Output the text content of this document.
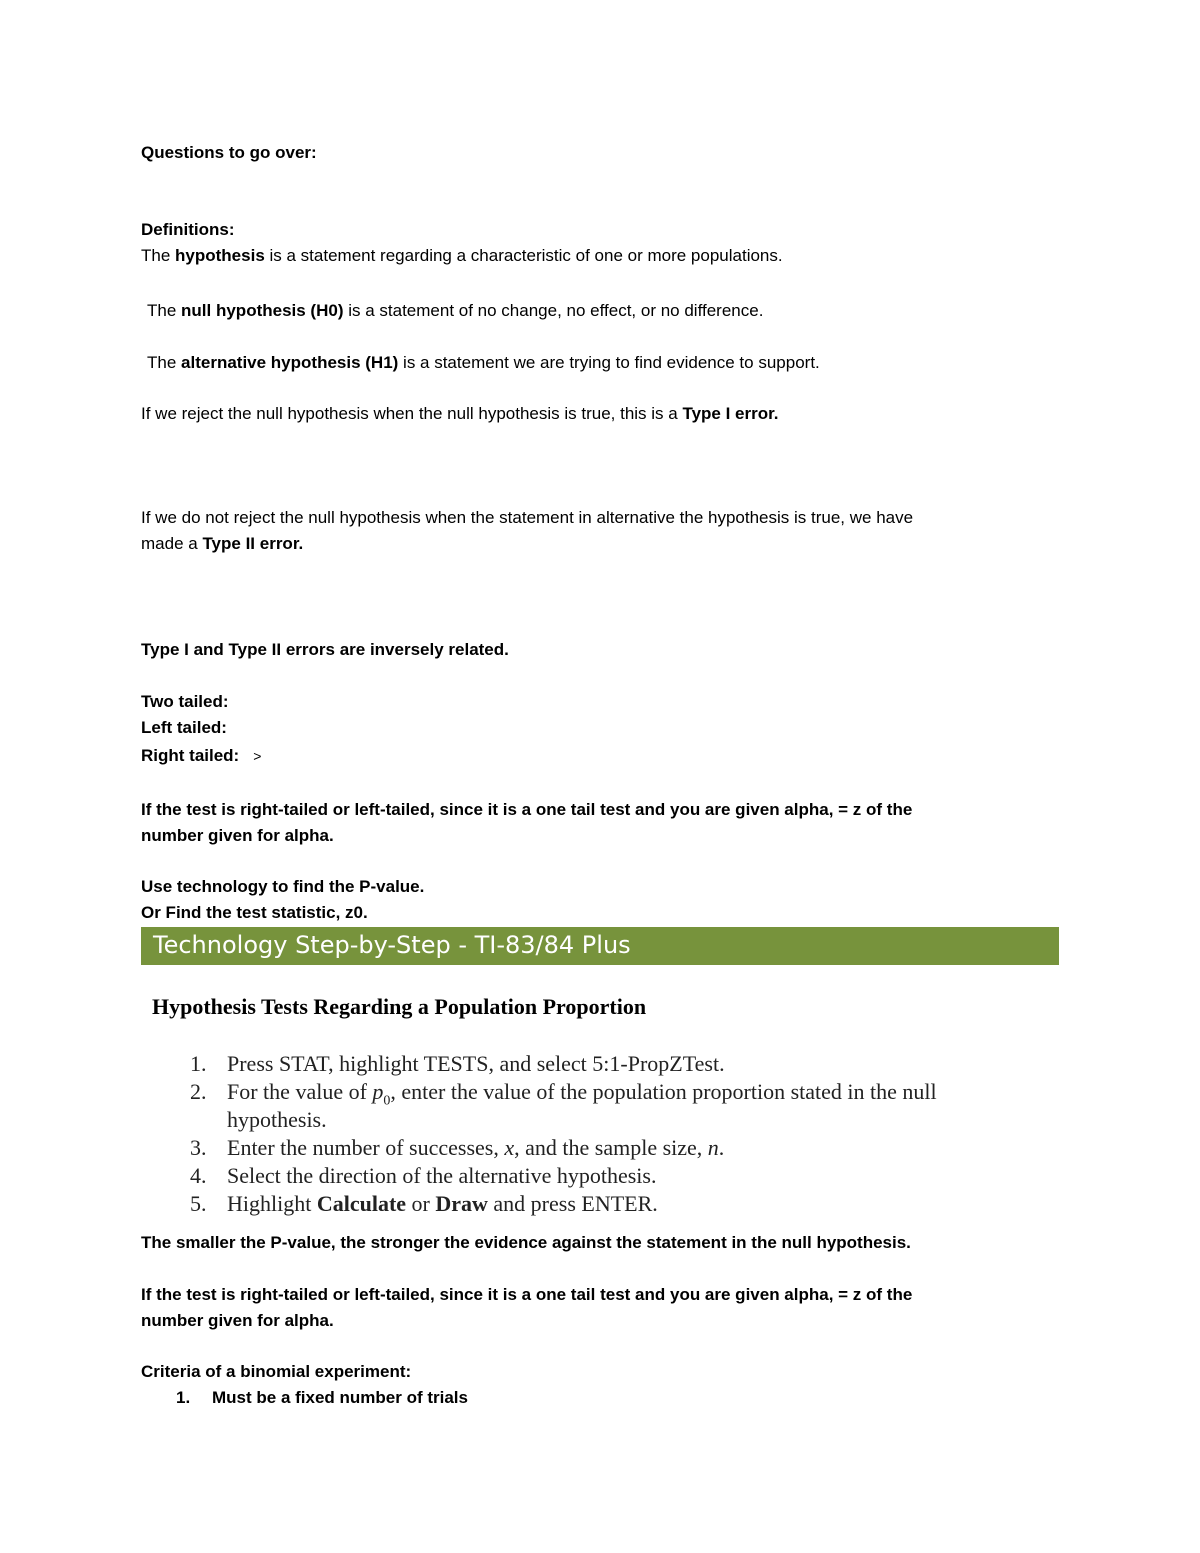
Questions to go over:
Definitions:
The hypothesis is a statement regarding a characteristic of one or more populations.
The null hypothesis (H0) is a statement of no change, no effect, or no difference.
The alternative hypothesis (H1) is a statement we are trying to find evidence to support.
If we reject the null hypothesis when the null hypothesis is true, this is a Type I error.
If we do not reject the null hypothesis when the statement in alternative the hypothesis is true, we have
made a Type II error.
Type I and Type II errors are inversely related.
Two tailed:
Left tailed:
Right tailed: >
If the test is right-tailed or left-tailed, since it is a one tail test and you are given alpha, = z of the
number given for alpha.
Use technology to find the P-value.
Or Find the test statistic, z0.
Technology Step-by-Step - TI-83/84 Plus
Hypothesis Tests Regarding a Population Proportion
1. Press STAT, highlight TESTS, and select 5:1-PropZTest.
2. For the value of $p_0$, enter the value of the population proportion stated in the null
hypothesis.
3. Enter the number of successes, x, and the sample size, n.
4. Select the direction of the alternative hypothesis.
5. Highlight Calculate or Draw and press ENTER.
The smaller the P-value, the stronger the evidence against the statement in the null hypothesis.
If the test is right-tailed or left-tailed, since it is a one tail test and you are given alpha, = z of the
number given for alpha.
Criteria of a binomial experiment:
1. Must be a fixed number of trials
